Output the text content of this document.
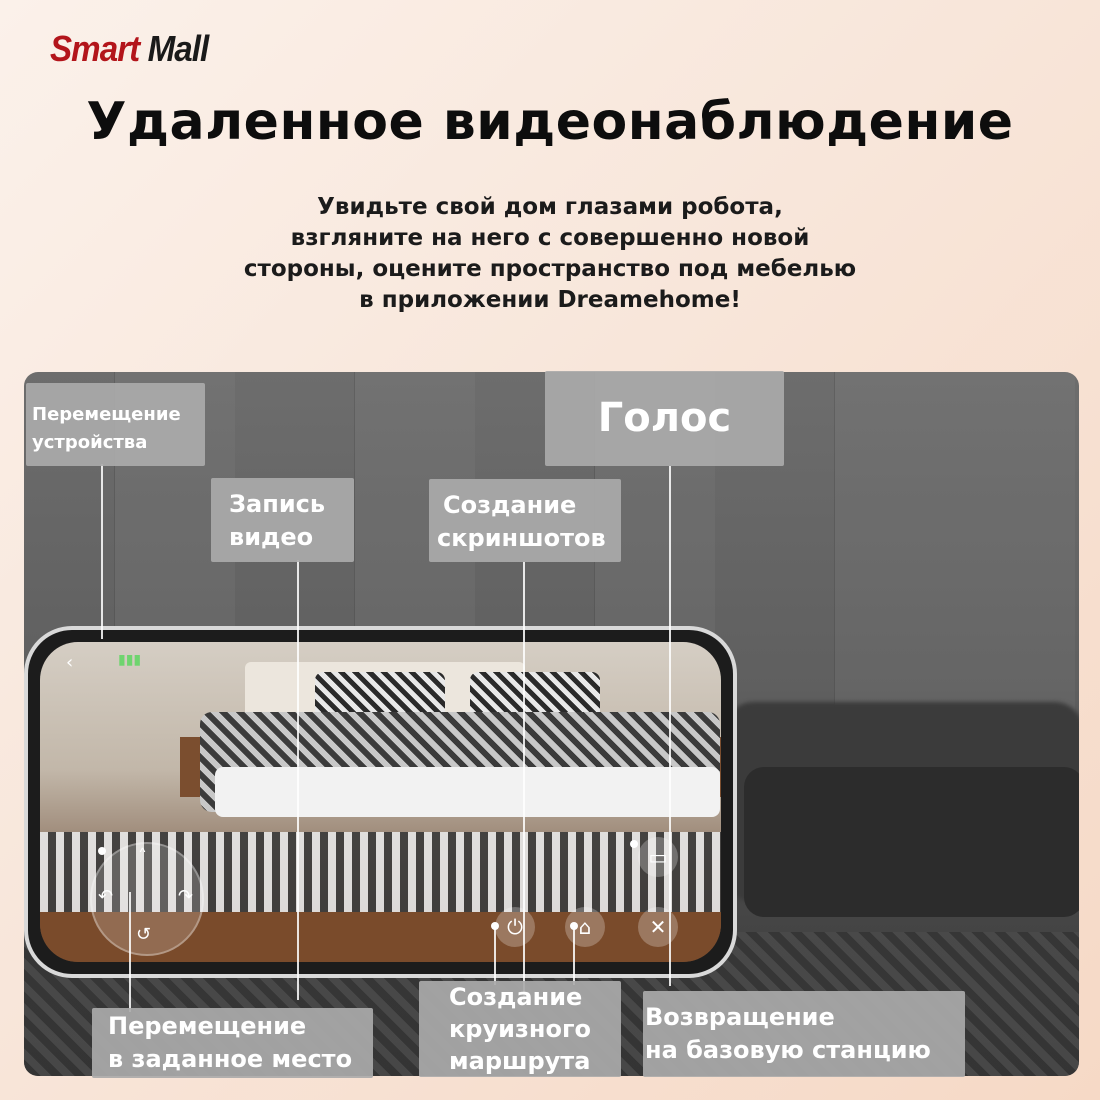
Smart Mall
Удаленное видеонаблюдение
Увидьте свой дом глазами робота,
взгляните на него с совершенно новой
стороны, оцените пространство под мебелью
в приложении Dreamehome!
‹	▮▮▮
˄
↶	↷
↺	⏻	⌂	✕
▭
Перемещение
устройства
Запись
видео
Создание
скриншотов
Голос
Перемещение
в заданное место
Создание
круизного
маршрута
Возвращение
на базовую станцию
